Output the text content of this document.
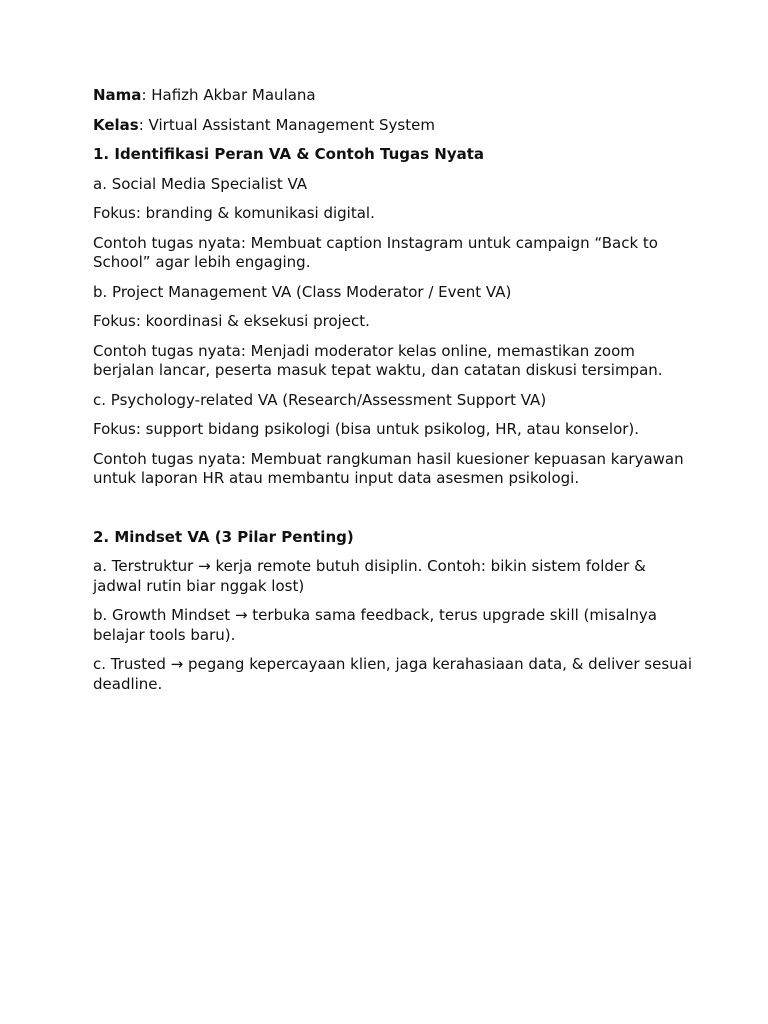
Nama: Hafizh Akbar Maulana

Kelas: Virtual Assistant Management System

1. Identifikasi Peran VA & Contoh Tugas Nyata

a. Social Media Specialist VA

Fokus: branding & komunikasi digital.

Contoh tugas nyata: Membuat caption Instagram untuk campaign “Back to School” agar lebih engaging.

b. Project Management VA (Class Moderator / Event VA)

Fokus: koordinasi & eksekusi project.

Contoh tugas nyata: Menjadi moderator kelas online, memastikan zoom berjalan lancar, peserta masuk tepat waktu, dan catatan diskusi tersimpan.

c. Psychology-related VA (Research/Assessment Support VA)

Fokus: support bidang psikologi (bisa untuk psikolog, HR, atau konselor).

Contoh tugas nyata: Membuat rangkuman hasil kuesioner kepuasan karyawan untuk laporan HR atau membantu input data asesmen psikologi.

2. Mindset VA (3 Pilar Penting)

a. Terstruktur → kerja remote butuh disiplin. Contoh: bikin sistem folder & jadwal rutin biar nggak lost)

b. Growth Mindset → terbuka sama feedback, terus upgrade skill (misalnya belajar tools baru).

c. Trusted → pegang kepercayaan klien, jaga kerahasiaan data, & deliver sesuai deadline.
